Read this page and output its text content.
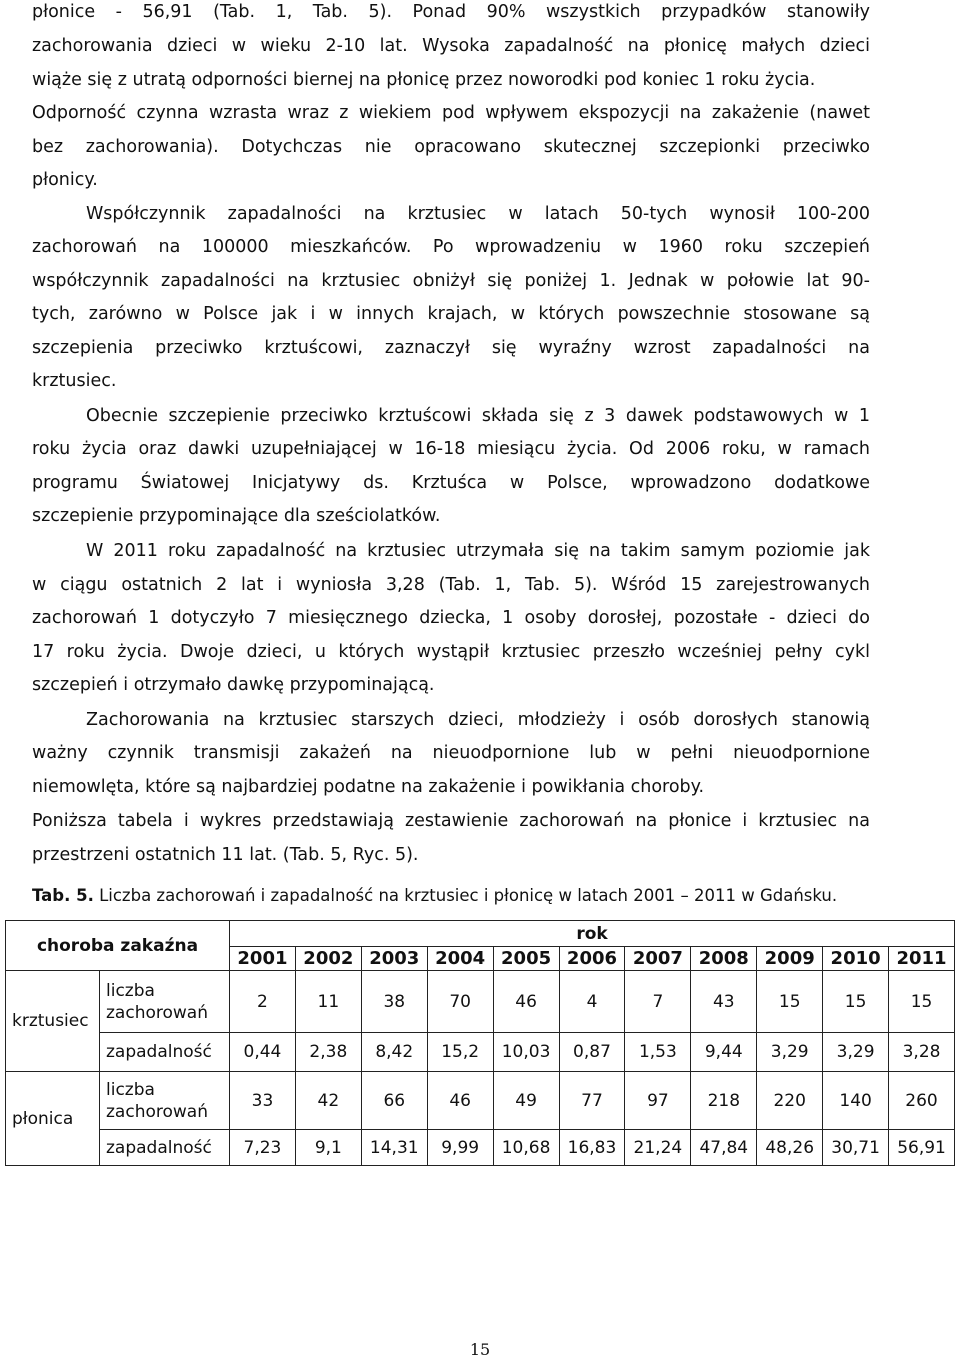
płonice - 56,91 (Tab. 1, Tab. 5). Ponad 90% wszystkich przypadków stanowiły
zachorowania dzieci w wieku 2-10 lat. Wysoka zapadalność na płonicę małych dzieci
wiąże się z utratą odporności biernej na płonicę przez noworodki pod koniec 1 roku życia.
Odporność czynna wzrasta wraz z wiekiem pod wpływem ekspozycji na zakażenie (nawet
bez zachorowania). Dotychczas nie opracowano skutecznej szczepionki przeciwko
płonicy.
Współczynnik zapadalności na krztusiec w latach 50-tych wynosił 100-200
zachorowań na 100000 mieszkańców. Po wprowadzeniu w 1960 roku szczepień
współczynnik zapadalności na krztusiec obniżył się poniżej 1. Jednak w połowie lat 90-
tych, zarówno w Polsce jak i w innych krajach, w których powszechnie stosowane są
szczepienia przeciwko krztuścowi, zaznaczył się wyraźny wzrost zapadalności na
krztusiec.
Obecnie szczepienie przeciwko krztuścowi składa się z 3 dawek podstawowych w 1
roku życia oraz dawki uzupełniającej w 16-18 miesiącu życia. Od 2006 roku, w ramach
programu Światowej Inicjatywy ds. Krztuśca w Polsce, wprowadzono dodatkowe
szczepienie przypominające dla sześciolatków.
W 2011 roku zapadalność na krztusiec utrzymała się na takim samym poziomie jak
w ciągu ostatnich 2 lat i wyniosła 3,28 (Tab. 1, Tab. 5). Wśród 15 zarejestrowanych
zachorowań 1 dotyczyło 7 miesięcznego dziecka, 1 osoby dorosłej, pozostałe - dzieci do
17 roku życia. Dwoje dzieci, u których wystąpił krztusiec przeszło wcześniej pełny cykl
szczepień i otrzymało dawkę przypominającą.
Zachorowania na krztusiec starszych dzieci, młodzieży i osób dorosłych stanowią
ważny czynnik transmisji zakażeń na nieuodpornione lub w pełni nieuodpornione
niemowlęta, które są najbardziej podatne na zakażenie i powikłania choroby.
Poniższa tabela i wykres przedstawiają zestawienie zachorowań na płonice i krztusiec na
przestrzeni ostatnich 11 lat. (Tab. 5, Ryc. 5).
Tab. 5. Liczba zachorowań i zapadalność na krztusiec i płonicę w latach 2001 – 2011 w Gdańsku.
choroba zakaźna		rok										
		2001	2002	2003	2004	2005	2006	2007	2008	2009	2010	2011
krztusiec	liczba zachorowań	2	11	38	70	46	4	7	43	15	15	15
	zapadalność	0,44	2,38	8,42	15,2	10,03	0,87	1,53	9,44	3,29	3,29	3,28
płonica	liczba zachorowań	33	42	66	46	49	77	97	218	220	140	260
	zapadalność	7,23	9,1	14,31	9,99	10,68	16,83	21,24	47,84	48,26	30,71	56,91
15
